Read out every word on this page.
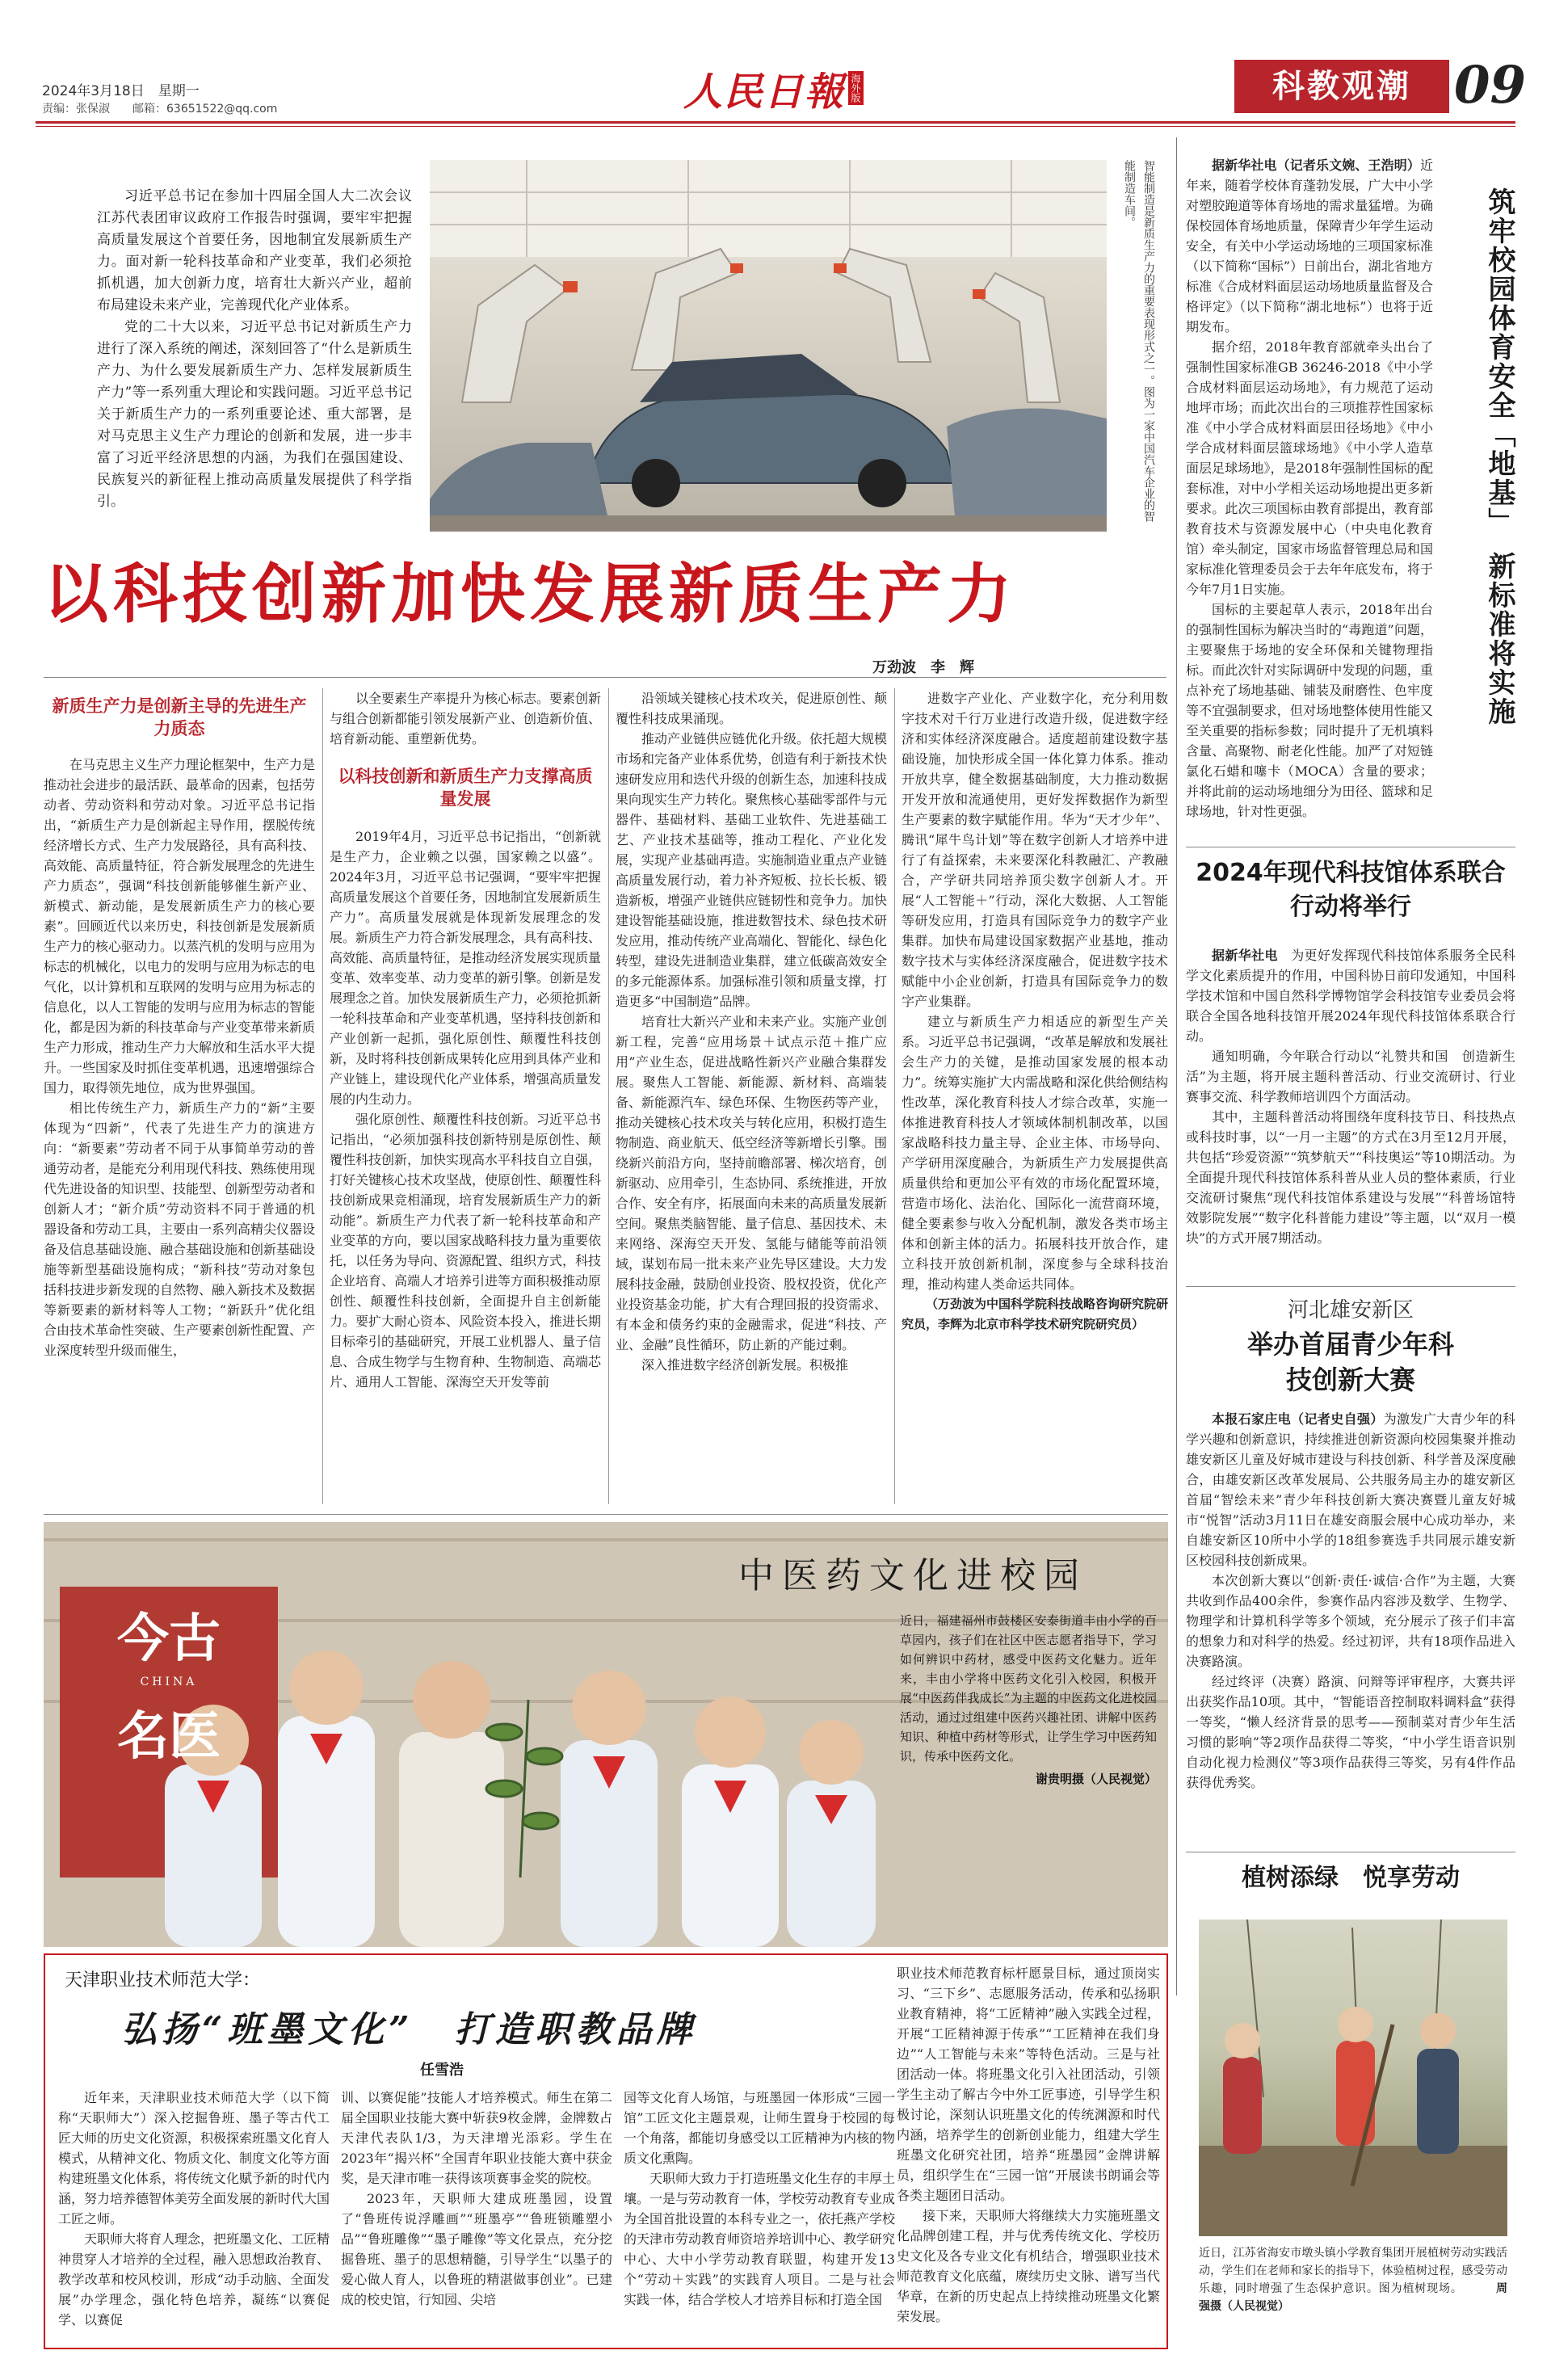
2024年3月18日　星期一
责编：张保淑　　邮箱：63651522@qq.com	人民日報 海外版	科教观潮 09

习近平总书记在参加十四届全国人大二次会议江苏代表团审议政府工作报告时强调，要牢牢把握高质量发展这个首要任务，因地制宜发展新质生产力。面对新一轮科技革命和产业变革，我们必须抢抓机遇，加大创新力度，培育壮大新兴产业，超前布局建设未来产业，完善现代化产业体系。

党的二十大以来，习近平总书记对新质生产力进行了深入系统的阐述，深刻回答了“什么是新质生产力、为什么要发展新质生产力、怎样发展新质生产力”等一系列重大理论和实践问题。习近平总书记关于新质生产力的一系列重要论述、重大部署，是对马克思主义生产力理论的创新和发展，进一步丰富了习近平经济思想的内涵，为我们在强国建设、民族复兴的新征程上推动高质量发展提供了科学指引。	智能制造是新质生产力的重要表现形式之一。图为一家中国汽车企业的智能制造车间。
以科技创新加快发展新质生产力
万劲波　李　辉
新质生产力是创新主导的先进生产力质态

在马克思主义生产力理论框架中，生产力是推动社会进步的最活跃、最革命的因素，包括劳动者、劳动资料和劳动对象。习近平总书记指出，“新质生产力是创新起主导作用，摆脱传统经济增长方式、生产力发展路径，具有高科技、高效能、高质量特征，符合新发展理念的先进生产力质态”，强调“科技创新能够催生新产业、新模式、新动能，是发展新质生产力的核心要素”。回顾近代以来历史，科技创新是发展新质生产力的核心驱动力。以蒸汽机的发明与应用为标志的机械化，以电力的发明与应用为标志的电气化，以计算机和互联网的发明与应用为标志的信息化，以人工智能的发明与应用为标志的智能化，都是因为新的科技革命与产业变革带来新质生产力形成，推动生产力大解放和生活水平大提升。一些国家及时抓住变革机遇，迅速增强综合国力，取得领先地位，成为世界强国。

相比传统生产力，新质生产力的“新”主要体现为“四新”，代表了先进生产力的演进方向：“新要素”劳动者不同于从事简单劳动的普通劳动者，是能充分利用现代科技、熟练使用现代先进设备的知识型、技能型、创新型劳动者和创新人才；“新介质”劳动资料不同于普通的机器设备和劳动工具，主要由一系列高精尖仪器设备及信息基础设施、融合基础设施和创新基础设施等新型基础设施构成；“新科技”劳动对象包括科技进步新发现的自然物、融入新技术及数据等新要素的新材料等人工物；“新跃升”优化组合由技术革命性突破、生产要素创新性配置、产业深度转型升级而催生，

以全要素生产率提升为核心标志。要素创新与组合创新都能引领发展新产业、创造新价值、培育新动能、重塑新优势。

以科技创新和新质生产力支撑高质量发展

2019年4月，习近平总书记指出，“创新就是生产力，企业赖之以强，国家赖之以盛”。2024年3月，习近平总书记强调，“要牢牢把握高质量发展这个首要任务，因地制宜发展新质生产力”。高质量发展就是体现新发展理念的发展。新质生产力符合新发展理念，具有高科技、高效能、高质量特征，是推动经济发展实现质量变革、效率变革、动力变革的新引擎。创新是发展理念之首。加快发展新质生产力，必须抢抓新一轮科技革命和产业变革机遇，坚持科技创新和产业创新一起抓，强化原创性、颠覆性科技创新，及时将科技创新成果转化应用到具体产业和产业链上，建设现代化产业体系，增强高质量发展的内生动力。

强化原创性、颠覆性科技创新。习近平总书记指出，“必须加强科技创新特别是原创性、颠覆性科技创新，加快实现高水平科技自立自强，打好关键核心技术攻坚战，使原创性、颠覆性科技创新成果竞相涌现，培育发展新质生产力的新动能”。新质生产力代表了新一轮科技革命和产业变革的方向，要以国家战略科技力量为重要依托，以任务为导向、资源配置、组织方式，科技企业培育、高端人才培养引进等方面积极推动原创性、颠覆性科技创新，全面提升自主创新能力。要扩大耐心资本、风险资本投入，推进长期目标牵引的基础研究，开展工业机器人、量子信息、合成生物学与生物育种、生物制造、高端芯片、通用人工智能、深海空天开发等前

沿领域关键核心技术攻关，促进原创性、颠覆性科技成果涌现。

推动产业链供应链优化升级。依托超大规模市场和完备产业体系优势，创造有利于新技术快速研发应用和迭代升级的创新生态，加速科技成果向现实生产力转化。聚焦核心基础零部件与元器件、基础材料、基础工业软件、先进基础工艺、产业技术基础等，推动工程化、产业化发展，实现产业基础再造。实施制造业重点产业链高质量发展行动，着力补齐短板、拉长长板、锻造新板，增强产业链供应链韧性和竞争力。加快建设智能基础设施，推进数智技术、绿色技术研发应用，推动传统产业高端化、智能化、绿色化转型，建设先进制造业集群，建立低碳高效安全的多元能源体系。加强标准引领和质量支撑，打造更多“中国制造”品牌。

培育壮大新兴产业和未来产业。实施产业创新工程，完善“应用场景＋试点示范＋推广应用”产业生态，促进战略性新兴产业融合集群发展。聚焦人工智能、新能源、新材料、高端装备、新能源汽车、绿色环保、生物医药等产业，推动关键核心技术攻关与转化应用，积极打造生物制造、商业航天、低空经济等新增长引擎。围绕新兴前沿方向，坚持前瞻部署、梯次培育，创新驱动、应用牵引，生态协同、系统推进，开放合作、安全有序，拓展面向未来的高质量发展新空间。聚焦类脑智能、量子信息、基因技术、未来网络、深海空天开发、氢能与储能等前沿领域，谋划布局一批未来产业先导区建设。大力发展科技金融，鼓励创业投资、股权投资，优化产业投资基金功能，扩大有合理回报的投资需求、有本金和债务约束的金融需求，促进“科技、产业、金融”良性循环，防止新的产能过剩。

深入推进数字经济创新发展。积极推

进数字产业化、产业数字化，充分利用数字技术对千行万业进行改造升级，促进数字经济和实体经济深度融合。适度超前建设数字基础设施，加快形成全国一体化算力体系。推动开放共享，健全数据基础制度，大力推动数据开发开放和流通使用，更好发挥数据作为新型生产要素的数字赋能作用。华为“天才少年”、腾讯“犀牛鸟计划”等在数字创新人才培养中进行了有益探索，未来要深化科教融汇、产教融合，产学研共同培养顶尖数字创新人才。开展“人工智能＋”行动，深化大数据、人工智能等研发应用，打造具有国际竞争力的数字产业集群。加快布局建设国家数据产业基地，推动数字技术与实体经济深度融合，促进数字技术赋能中小企业创新，打造具有国际竞争力的数字产业集群。

建立与新质生产力相适应的新型生产关系。习近平总书记强调，“改革是解放和发展社会生产力的关键，是推动国家发展的根本动力”。统筹实施扩大内需战略和深化供给侧结构性改革，深化教育科技人才综合改革，实施一体推进教育科技人才领域体制机制改革，以国家战略科技力量主导、企业主体、市场导向、产学研用深度融合，为新质生产力发展提供高质量供给和更加公平有效的市场化配置环境，营造市场化、法治化、国际化一流营商环境，健全要素参与收入分配机制，激发各类市场主体和创新主体的活力。拓展科技开放合作，建立科技开放创新机制，深度参与全球科技治理，推动构建人类命运共同体。

（万劲波为中国科学院科技战略咨询研究院研究员，李辉为北京市科学技术研究院研究员）

据新华社电（记者乐文婉、王浩明）近年来，随着学校体育蓬勃发展，广大中小学对塑胶跑道等体育场地的需求量猛增。为确保校园体育场地质量，保障青少年学生运动安全，有关中小学运动场地的三项国家标准（以下简称“国标”）日前出台，湖北省地方标准《合成材料面层运动场地质量监督及合格评定》（以下简称“湖北地标”）也将于近期发布。

据介绍，2018年教育部就牵头出台了强制性国家标准GB 36246-2018《中小学合成材料面层运动场地》，有力规范了运动地坪市场；而此次出台的三项推荐性国家标准《中小学合成材料面层田径场地》《中小学合成材料面层篮球场地》《中小学人造草面层足球场地》，是2018年强制性国标的配套标准，对中小学相关运动场地提出更多新要求。此次三项国标由教育部提出，教育部教育技术与资源发展中心（中央电化教育馆）牵头制定，国家市场监督管理总局和国家标准化管理委员会于去年年底发布，将于今年7月1日实施。

国标的主要起草人表示，2018年出台的强制性国标为解决当时的“毒跑道”问题，主要聚焦于场地的安全环保和关键物理指标。而此次针对实际调研中发现的问题，重点补充了场地基础、铺装及耐磨性、色牢度等不宜强制要求，但对场地整体使用性能又至关重要的指标参数；同时提升了无机填料含量、高聚物、耐老化性能。加严了对短链氯化石蜡和噻卡（MOCA）含量的要求；并将此前的运动场地细分为田径、篮球和足球场地，针对性更强。

筑牢校园体育安全「地基」　新标准将实施
2024年现代科技馆体系联合行动将举行

据新华社电　 为更好发挥现代科技馆体系服务全民科学文化素质提升的作用，中国科协日前印发通知，中国科学技术馆和中国自然科学博物馆学会科技馆专业委员会将联合全国各地科技馆开展2024年现代科技馆体系联合行动。

通知明确，今年联合行动以“礼赞共和国　创造新生活”为主题，将开展主题科普活动、行业交流研讨、行业赛事交流、科学教师培训四个方面活动。

其中，主题科普活动将围绕年度科技节日、科技热点或科技时事，以“一月一主题”的方式在3月至12月开展，共包括“珍爱资源”“筑梦航天”“科技奥运”等10期活动。为全面提升现代科技馆体系科普从业人员的整体素质，行业交流研讨聚焦“现代科技馆体系建设与发展”“科普场馆特效影院发展”“数字化科普能力建设”等主题，以“双月一模块”的方式开展7期活动。

河北雄安新区
举办首届青少年科技创新大赛

本报石家庄电（记者史自强）为激发广大青少年的科学兴趣和创新意识，持续推进创新资源向校园集聚并推动雄安新区儿童及好城市建设与科技创新、科学普及深度融合，由雄安新区改革发展局、公共服务局主办的雄安新区首届“智绘未来”青少年科技创新大赛决赛暨儿童友好城市“悦智”活动3月11日在雄安商服会展中心成功举办，来自雄安新区10所中小学的18组参赛选手共同展示雄安新区校园科技创新成果。

本次创新大赛以“创新·责任·诚信·合作”为主题，大赛共收到作品400余件，参赛作品内容涉及数学、生物学、物理学和计算机科学等多个领域，充分展示了孩子们丰富的想象力和对科学的热爱。经过初评，共有18项作品进入决赛路演。

经过终评（决赛）路演、问辩等评审程序，大赛共评出获奖作品10项。其中，“智能语音控制取料调料盒”获得一等奖，“懒人经济背景的思考——预制菜对青少年生活习惯的影响”等2项作品获得二等奖，“中小学生语音识别自动化视力检测仪”等3项作品获得三等奖，另有4件作品获得优秀奖。

植树添绿　悦享劳动
近日，江苏省海安市墩头镇小学教育集团开展植树劳动实践活动，学生们在老师和家长的指导下，体验植树过程，感受劳动乐趣，同时增强了生态保护意识。图为植树现场。	周　强摄（人民视觉）
今古
CHINA
名医
中医药文化进校园
近日，福建福州市鼓楼区安泰街道丰由小学的百草园内，孩子们在社区中医志愿者指导下，学习如何辨识中药材，感受中医药文化魅力。近年来，丰由小学将中医药文化引入校园，积极开展“中医药伴我成长”为主题的中医药文化进校园活动，通过过组建中医药兴趣社团、讲解中医药知识、种植中药材等形式，让学生学习中医药知识，传承中医药文化。
谢贵明摄（人民视觉）
天津职业技术师范大学：
弘扬“班墨文化”　打造职教品牌
任雪浩

近年来，天津职业技术师范大学（以下简称“天职师大”）深入挖掘鲁班、墨子等古代工匠大师的历史文化资源，积极探索班墨文化育人模式，从精神文化、物质文化、制度文化等方面构建班墨文化体系，将传统文化赋予新的时代内涵，努力培养德智体美劳全面发展的新时代大国工匠之师。

天职师大将育人理念，把班墨文化、工匠精神贯穿人才培养的全过程，融入思想政治教育、教学改革和校风校训，形成“动手动脑、全面发展”办学理念，强化特色培养，凝练“以赛促学、以赛促

训、以赛促能”技能人才培养模式。师生在第二届全国职业技能大赛中斩获9枚金牌，金牌数占天津代表队1/3，为天津增光添彩。学生在2023年“揭兴杯”全国青年职业技能大赛中获金奖，是天津市唯一获得该项赛事金奖的院校。

2023年，天职师大建成班墨园，设置了“鲁班传说浮雕画”“班墨亭”“鲁班锁雕塑小品”“鲁班雕像”“墨子雕像”等文化景点，充分挖掘鲁班、墨子的思想精髓，引导学生“以墨子的爱心做人育人，以鲁班的精湛做事创业”。已建成的校史馆，行知园、尖培

园等文化育人场馆，与班墨园一体形成“三园一馆”工匠文化主题景观，让师生置身于校园的每一个角落，都能切身感受以工匠精神为内核的物质文化熏陶。

天职师大致力于打造班墨文化生存的丰厚土壤。一是与劳动教育一体，学校劳动教育专业成为全国首批设置的本科专业之一，依托燕产学校的天津市劳动教育师资培养培训中心、教学研究中心、大中小学劳动教育联盟，构建开发13个“劳动＋实践”的实践育人项目。二是与社会实践一体，结合学校人才培养目标和打造全国

职业技术师范教育标杆愿景目标，通过顶岗实习、“三下乡”、志愿服务活动，传承和弘扬职业教育精神，将“工匠精神”融入实践全过程，开展“工匠精神源于传承”“工匠精神在我们身边”“人工智能与未来”等特色活动。三是与社团活动一体。将班墨文化引入社团活动，引领学生主动了解古今中外工匠事迹，引导学生积极讨论，深刻认识班墨文化的传统渊源和时代内涵，培养学生的创新创业能力，组建大学生班墨文化研究社团，培养“班墨园”金牌讲解员，组织学生在“三园一馆”开展读书朗诵会等各类主题团日活动。

接下来，天职师大将继续大力实施班墨文化品牌创建工程，并与优秀传统文化、学校历史文化及各专业文化有机结合，增强职业技术师范教育文化底蕴，赓续历史文脉、谱写当代华章，在新的历史起点上持续推动班墨文化繁荣发展。
